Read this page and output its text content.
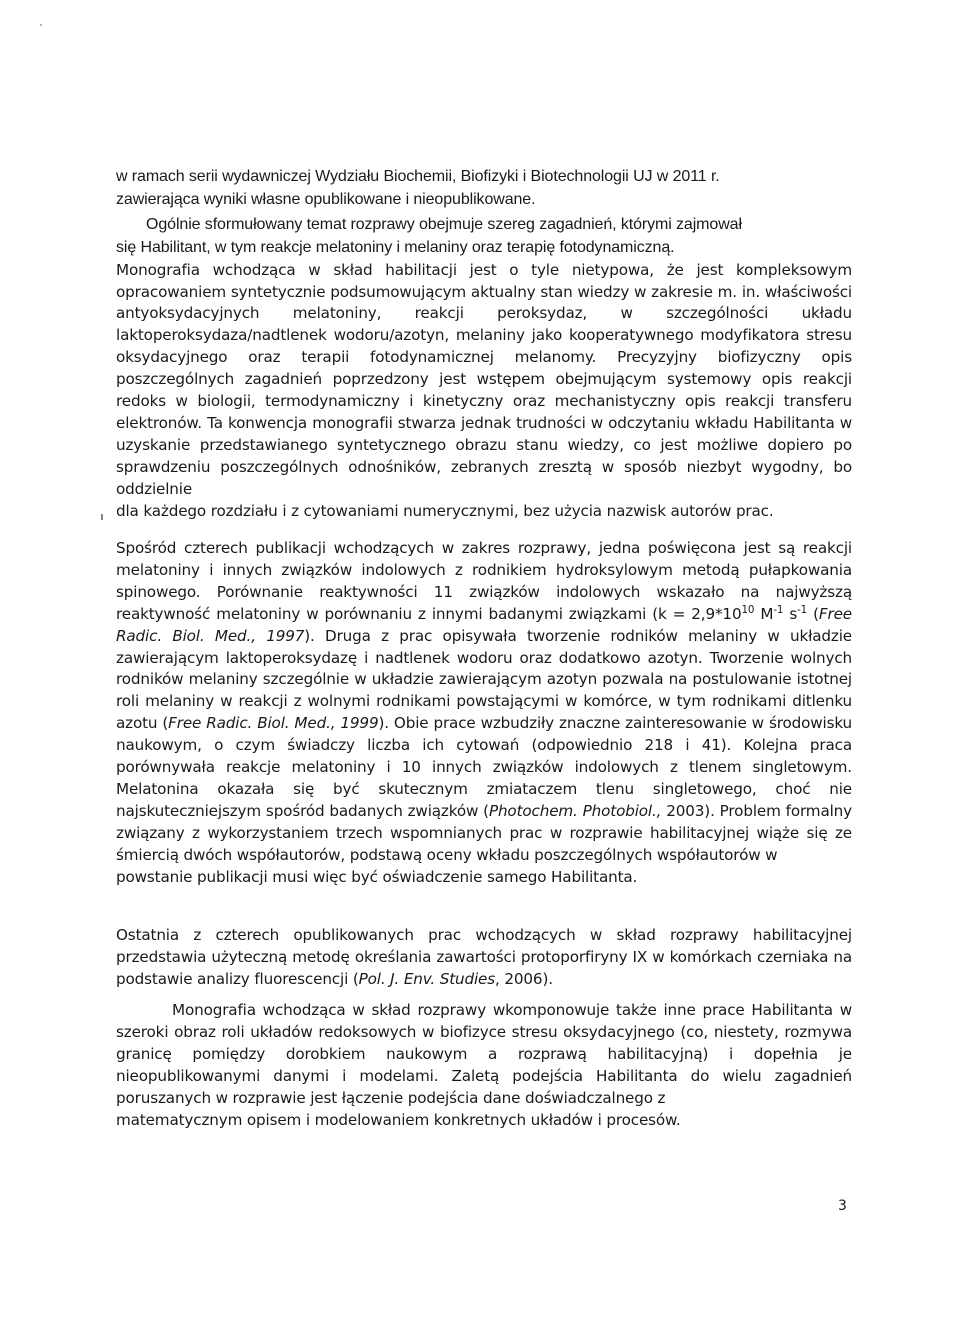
w ramach serii wydawniczej Wydziału Biochemii, Biofizyki i Biotechnologii UJ w 2011 r.
zawierająca wyniki własne opublikowane i nieopublikowane.
Ogólnie sformułowany temat rozprawy obejmuje szereg zagadnień, którymi zajmował
się Habilitant, w tym reakcje melatoniny i melaniny oraz terapię fotodynamiczną.
Monografia wchodząca w skład habilitacji jest o tyle nietypowa, że jest kompleksowym opracowaniem syntetycznie podsumowującym aktualny stan wiedzy w zakresie m. in. właściwości antyoksydacyjnych melatoniny, reakcji peroksydaz, w szczególności układu laktoperoksydaza/nadtlenek wodoru/azotyn, melaniny jako kooperatywnego modyfikatora stresu oksydacyjnego oraz terapii fotodynamicznej melanomy. Precyzyjny biofizyczny opis poszczególnych zagadnień poprzedzony jest wstępem obejmującym systemowy opis reakcji redoks w biologii, termodynamiczny i kinetyczny oraz mechanistyczny opis reakcji transferu elektronów. Ta konwencja monografii stwarza jednak trudności w odczytaniu wkładu Habilitanta w uzyskanie przedstawianego syntetycznego obrazu stanu wiedzy, co jest możliwe dopiero po sprawdzeniu poszczególnych odnośników, zebranych zresztą w sposób niezbyt wygodny, bo oddzielnie
dla każdego rozdziału i z cytowaniami numerycznymi, bez użycia nazwisk autorów prac.
Spośród czterech publikacji wchodzących w zakres rozprawy, jedna poświęcona jest są reakcji melatoniny i innych związków indolowych z rodnikiem hydroksylowym metodą pułapkowania spinowego. Porównanie reaktywności 11 związków indolowych wskazało na najwyższą reaktywność melatoniny w porównaniu z innymi badanymi związkami ($k = 2,9*10^{10}$ $M^{-1}$ $s^{-1}$ (Free Radic. Biol. Med., 1997). Druga z prac opisywała tworzenie rodników melaniny w układzie zawierającym laktoperoksydazę i nadtlenek wodoru oraz dodatkowo azotyn. Tworzenie wolnych rodników melaniny szczególnie w układzie zawierającym azotyn pozwala na postulowanie istotnej roli melaniny w reakcji z wolnymi rodnikami powstającymi w komórce, w tym rodnikami ditlenku azotu (Free Radic. Biol. Med., 1999). Obie prace wzbudziły znaczne zainteresowanie w środowisku naukowym, o czym świadczy liczba ich cytowań (odpowiednio 218 i 41). Kolejna praca porównywała reakcje melatoniny i 10 innych związków indolowych z tlenem singletowym. Melatonina okazała się być skutecznym zmiataczem tlenu singletowego, choć nie najskuteczniejszym spośród badanych związków (Photochem. Photobiol., 2003). Problem formalny związany z wykorzystaniem trzech wspomnianych prac w rozprawie habilitacyjnej wiąże się ze śmiercią dwóch współautorów, podstawą oceny wkładu poszczególnych współautorów w
powstanie publikacji musi więc być oświadczenie samego Habilitanta.
Ostatnia z czterech opublikowanych prac wchodzących w skład rozprawy habilitacyjnej przedstawia użyteczną metodę określania zawartości protoporfiryny IX w komórkach czerniaka na podstawie analizy fluorescencji (Pol. J. Env. Studies, 2006).
Monografia wchodząca w skład rozprawy wkomponowuje także inne prace Habilitanta w szeroki obraz roli układów redoksowych w biofizyce stresu oksydacyjnego (co, niestety, rozmywa granicę pomiędzy dorobkiem naukowym a rozprawą habilitacyjną) i dopełnia je nieopublikowanymi danymi i modelami. Zaletą podejścia Habilitanta do wielu zagadnień poruszanych w rozprawie jest łączenie podejścia dane doświadczalnego z
matematycznym opisem i modelowaniem konkretnych układów i procesów.
3
